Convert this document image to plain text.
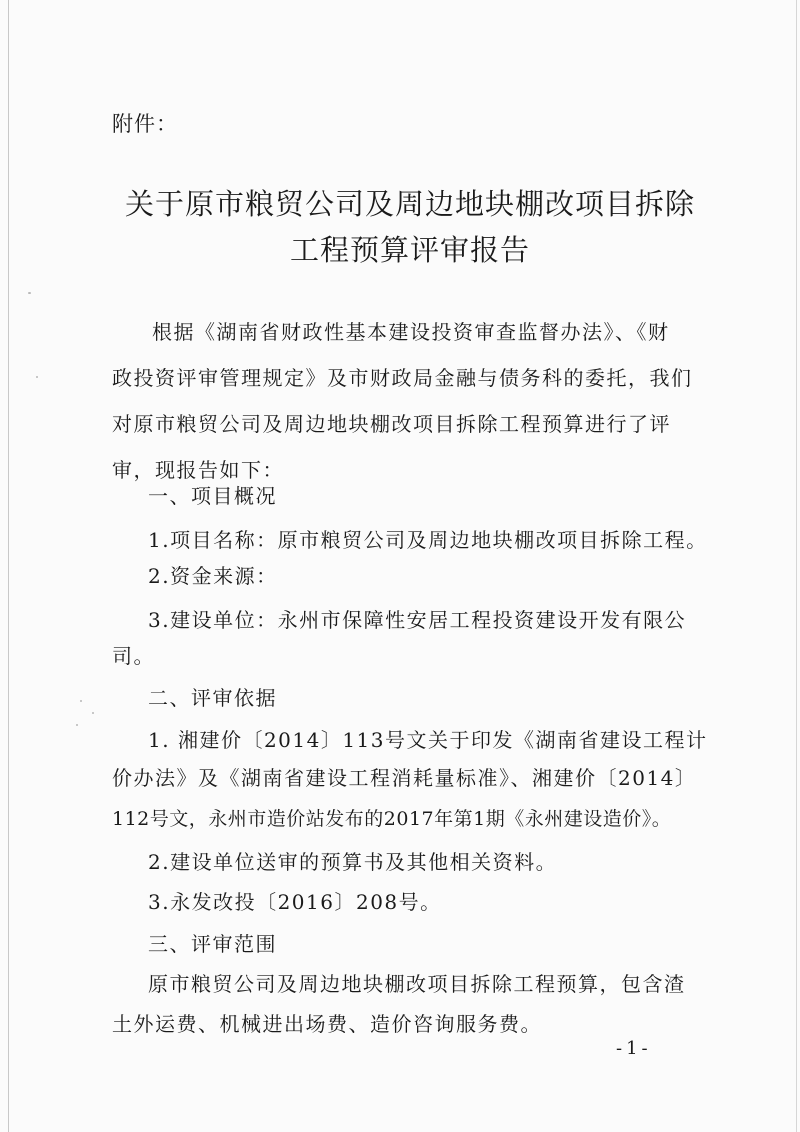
附件：
关于原市粮贸公司及周边地块棚改项目拆除
工程预算评审报告
根据《湖南省财政性基本建设投资审查监督办法》、《财
政投资评审管理规定》及市财政局金融与债务科的委托，我们
对原市粮贸公司及周边地块棚改项目拆除工程预算进行了评
审，现报告如下：
一、项目概况
1.项目名称：原市粮贸公司及周边地块棚改项目拆除工程。
2.资金来源：
3.建设单位：永州市保障性安居工程投资建设开发有限公
司。
二、评审依据
1. 湘建价〔2014〕113号文关于印发《湖南省建设工程计
价办法》及《湖南省建设工程消耗量标准》、湘建价〔2014〕
112号文，永州市造价站发布的2017年第1期《永州建设造价》。
2.建设单位送审的预算书及其他相关资料。
3.永发改投〔2016〕208号。
三、评审范围
原市粮贸公司及周边地块棚改项目拆除工程预算，包含渣
土外运费、机械进出场费、造价咨询服务费。
-1-
